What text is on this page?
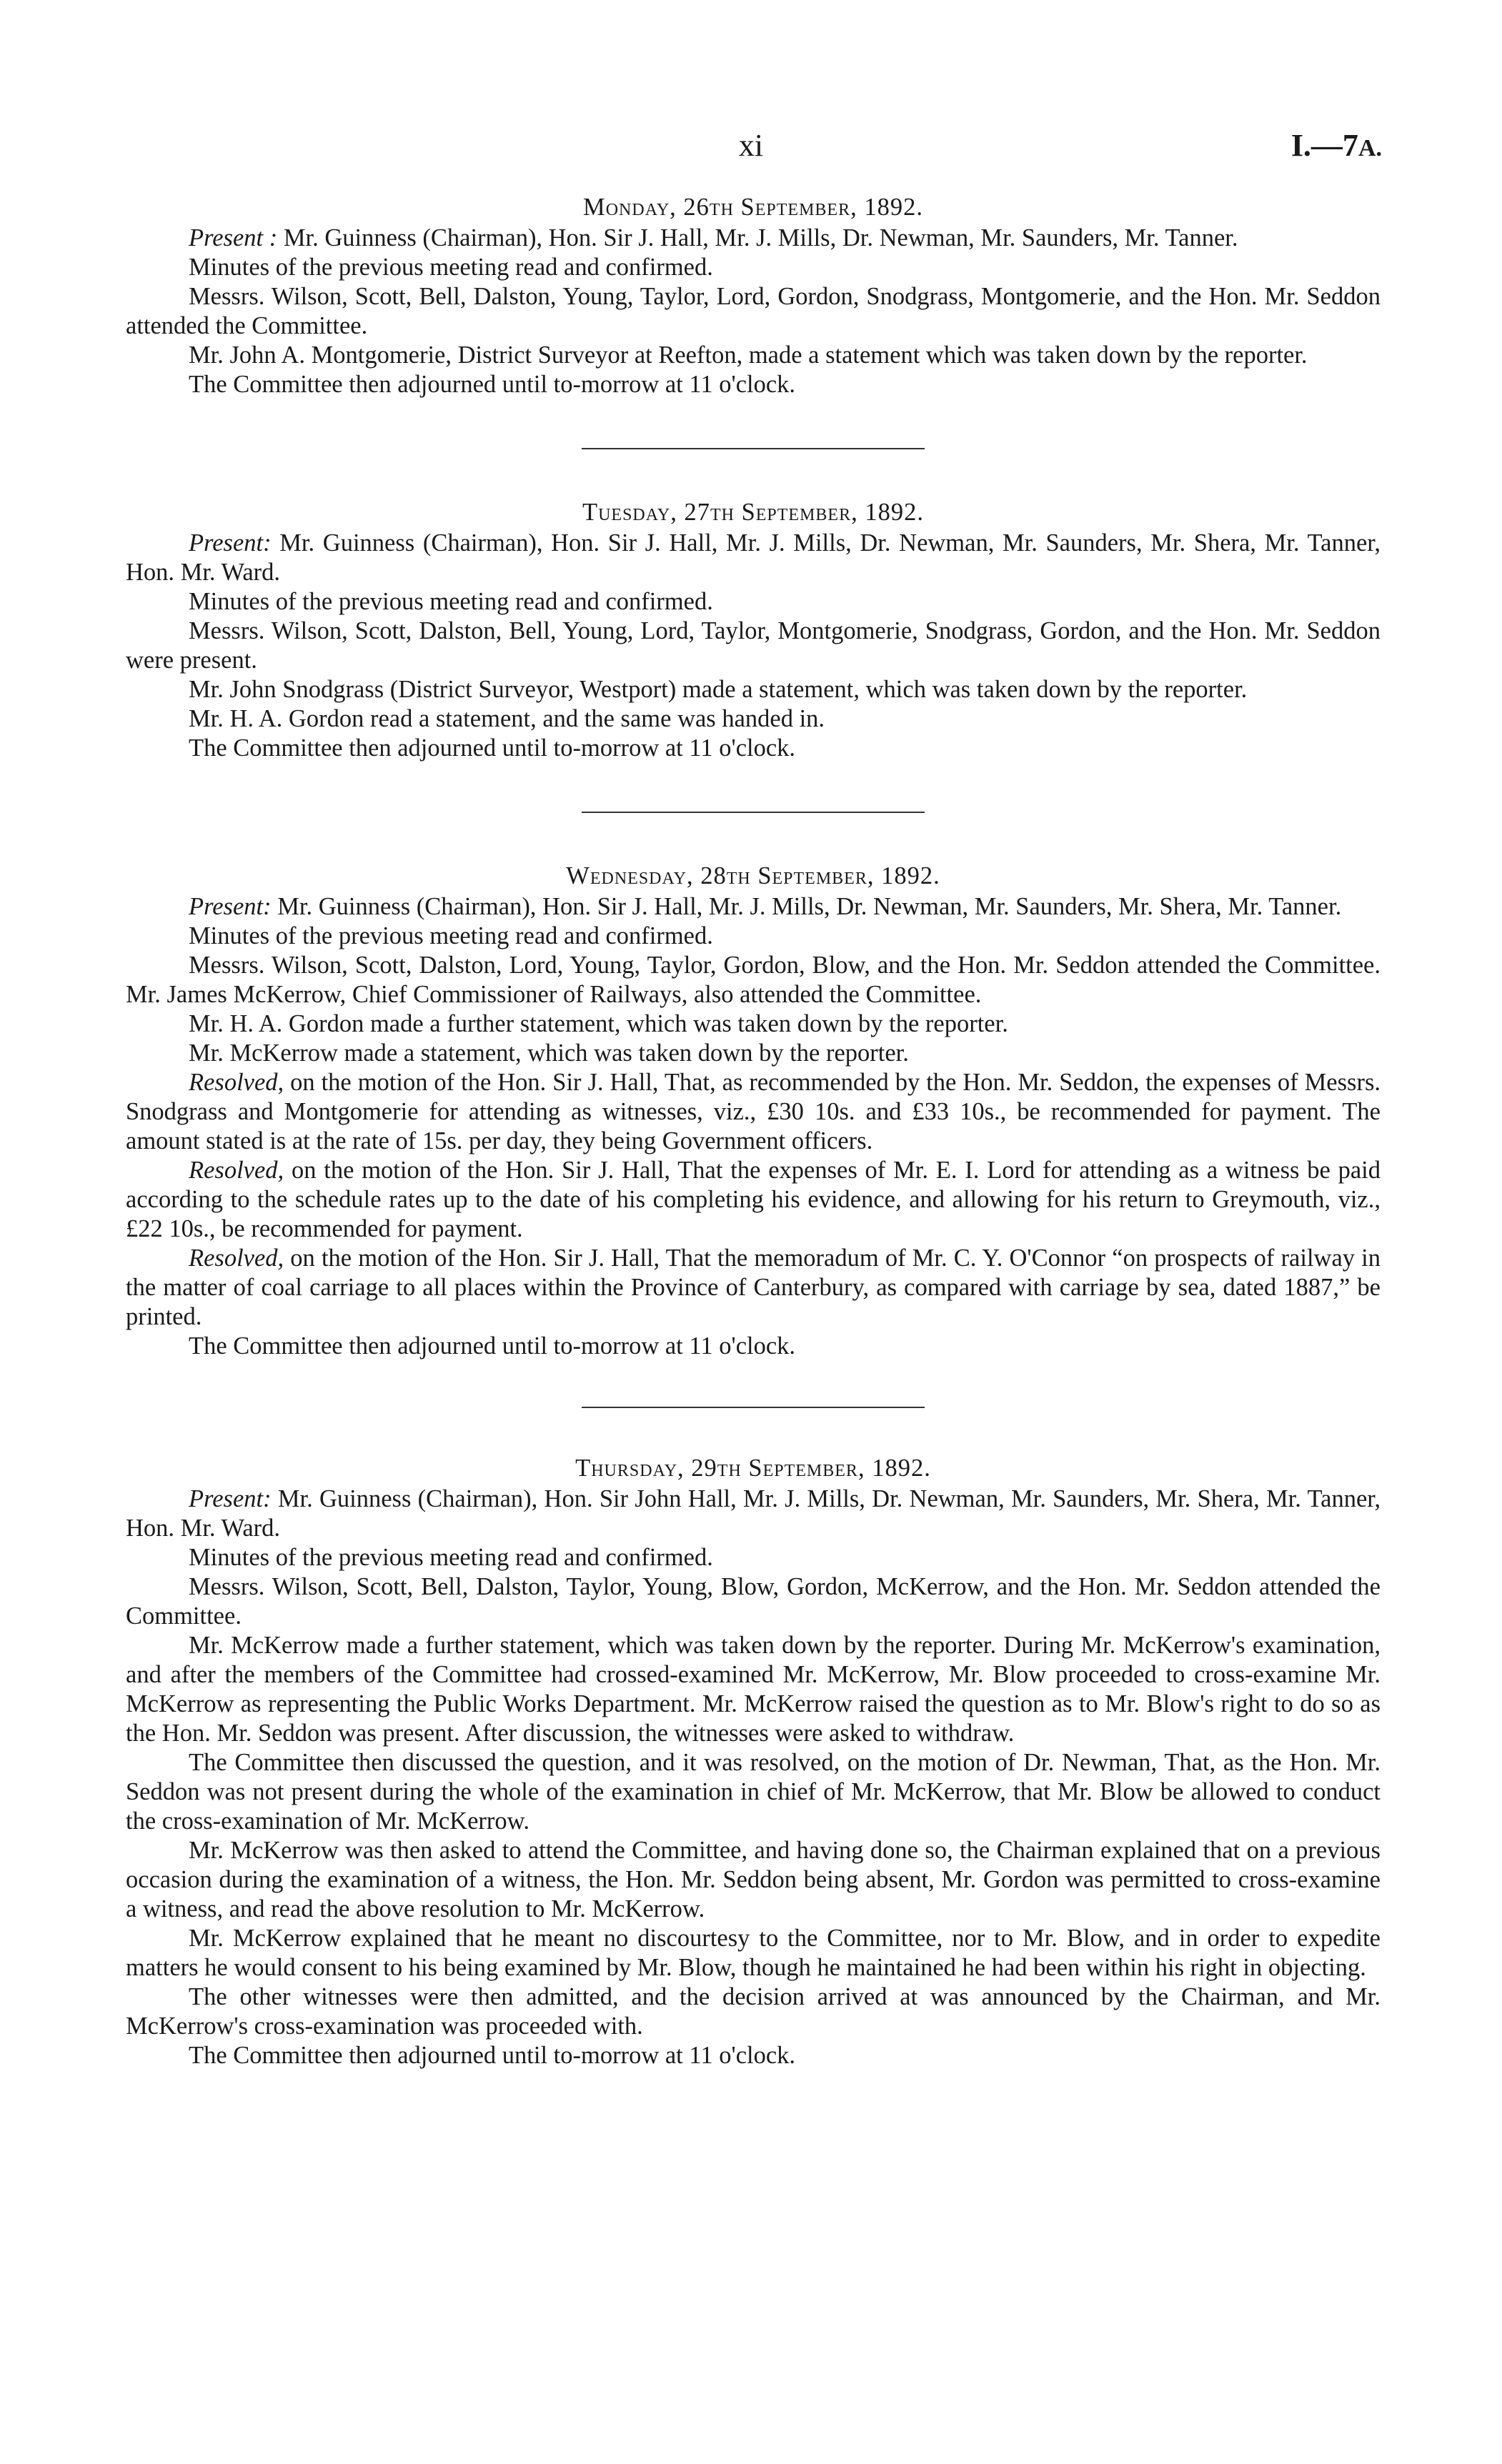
xi	I.—7A.

Monday, 26th September, 1892.

Present : Mr. Guinness (Chairman), Hon. Sir J. Hall, Mr. J. Mills, Dr. Newman, Mr. Saunders, Mr. Tanner.

Minutes of the previous meeting read and confirmed.

Messrs. Wilson, Scott, Bell, Dalston, Young, Taylor, Lord, Gordon, Snodgrass, Montgomerie, and the Hon. Mr. Seddon attended the Committee.

Mr. John A. Montgomerie, District Surveyor at Reefton, made a statement which was taken down by the reporter.

The Committee then adjourned until to-morrow at 11 o'clock.

Tuesday, 27th September, 1892.

Present: Mr. Guinness (Chairman), Hon. Sir J. Hall, Mr. J. Mills, Dr. Newman, Mr. Saunders, Mr. Shera, Mr. Tanner, Hon. Mr. Ward.

Minutes of the previous meeting read and confirmed.

Messrs. Wilson, Scott, Dalston, Bell, Young, Lord, Taylor, Montgomerie, Snodgrass, Gordon, and the Hon. Mr. Seddon were present.

Mr. John Snodgrass (District Surveyor, Westport) made a statement, which was taken down by the reporter.

Mr. H. A. Gordon read a statement, and the same was handed in.

The Committee then adjourned until to-morrow at 11 o'clock.

Wednesday, 28th September, 1892.

Present: Mr. Guinness (Chairman), Hon. Sir J. Hall, Mr. J. Mills, Dr. Newman, Mr. Saunders, Mr. Shera, Mr. Tanner.

Minutes of the previous meeting read and confirmed.

Messrs. Wilson, Scott, Dalston, Lord, Young, Taylor, Gordon, Blow, and the Hon. Mr. Seddon attended the Committee. Mr. James McKerrow, Chief Commissioner of Railways, also attended the Committee.

Mr. H. A. Gordon made a further statement, which was taken down by the reporter.

Mr. McKerrow made a statement, which was taken down by the reporter.

Resolved, on the motion of the Hon. Sir J. Hall, That, as recommended by the Hon. Mr. Seddon, the expenses of Messrs. Snodgrass and Montgomerie for attending as witnesses, viz., £30 10s. and £33 10s., be recommended for payment. The amount stated is at the rate of 15s. per day, they being Government officers.

Resolved, on the motion of the Hon. Sir J. Hall, That the expenses of Mr. E. I. Lord for attending as a witness be paid according to the schedule rates up to the date of his completing his evidence, and allowing for his return to Greymouth, viz., £22 10s., be recommended for payment.

Resolved, on the motion of the Hon. Sir J. Hall, That the memoradum of Mr. C. Y. O'Connor “on prospects of railway in the matter of coal carriage to all places within the Province of Canterbury, as compared with carriage by sea, dated 1887,” be printed.

The Committee then adjourned until to-morrow at 11 o'clock.

Thursday, 29th September, 1892.

Present: Mr. Guinness (Chairman), Hon. Sir John Hall, Mr. J. Mills, Dr. Newman, Mr. Saunders, Mr. Shera, Mr. Tanner, Hon. Mr. Ward.

Minutes of the previous meeting read and confirmed.

Messrs. Wilson, Scott, Bell, Dalston, Taylor, Young, Blow, Gordon, McKerrow, and the Hon. Mr. Seddon attended the Committee.

Mr. McKerrow made a further statement, which was taken down by the reporter. During Mr. McKerrow's examination, and after the members of the Committee had crossed-examined Mr. McKerrow, Mr. Blow proceeded to cross-examine Mr. McKerrow as representing the Public Works Department. Mr. McKerrow raised the question as to Mr. Blow's right to do so as the Hon. Mr. Seddon was present. After discussion, the witnesses were asked to withdraw.

The Committee then discussed the question, and it was resolved, on the motion of Dr. Newman, That, as the Hon. Mr. Seddon was not present during the whole of the examination in chief of Mr. McKerrow, that Mr. Blow be allowed to conduct the cross-examination of Mr. McKerrow.

Mr. McKerrow was then asked to attend the Committee, and having done so, the Chairman explained that on a previous occasion during the examination of a witness, the Hon. Mr. Seddon being absent, Mr. Gordon was permitted to cross-examine a witness, and read the above resolution to Mr. McKerrow.

Mr. McKerrow explained that he meant no discourtesy to the Committee, nor to Mr. Blow, and in order to expedite matters he would consent to his being examined by Mr. Blow, though he maintained he had been within his right in objecting.

The other witnesses were then admitted, and the decision arrived at was announced by the Chairman, and Mr. McKerrow's cross-examination was proceeded with.

The Committee then adjourned until to-morrow at 11 o'clock.
